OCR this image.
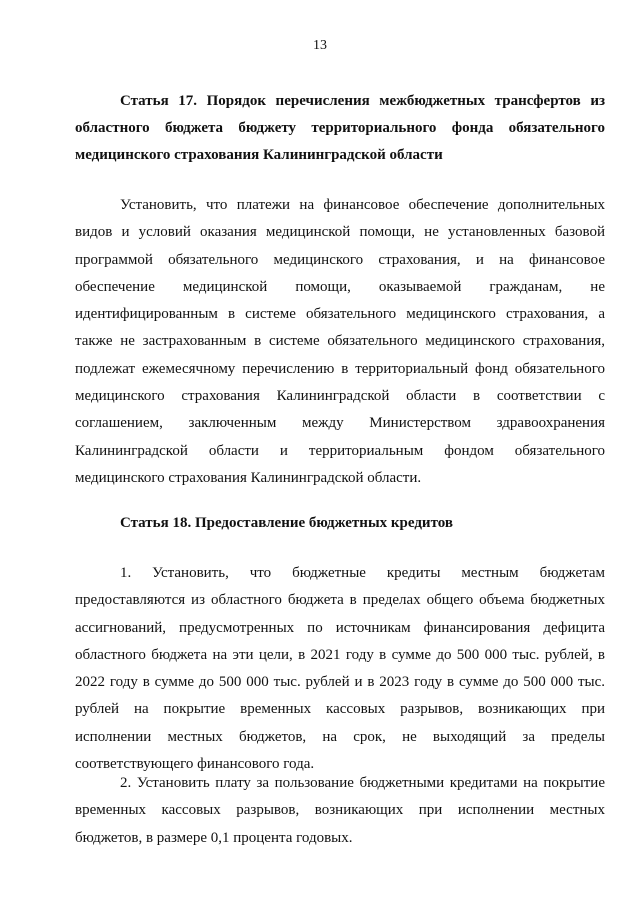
13
Статья 17. Порядок перечисления межбюджетных трансфертов из областного бюджета бюджету территориального фонда обязательного медицинского страхования Калининградской области
Установить, что платежи на финансовое обеспечение дополнительных видов и условий оказания медицинской помощи, не установленных базовой программой обязательного медицинского страхования, и на финансовое обеспечение медицинской помощи, оказываемой гражданам, не идентифицированным в системе обязательного медицинского страхования, а также не застрахованным в системе обязательного медицинского страхования, подлежат ежемесячному перечислению в территориальный фонд обязательного медицинского страхования Калининградской области в соответствии с соглашением, заключенным между Министерством здравоохранения Калининградской области и территориальным фондом обязательного медицинского страхования Калининградской области.
Статья 18. Предоставление бюджетных кредитов
1. Установить, что бюджетные кредиты местным бюджетам предоставляются из областного бюджета в пределах общего объема бюджетных ассигнований, предусмотренных по источникам финансирования дефицита областного бюджета на эти цели, в 2021 году в сумме до 500 000 тыс. рублей, в 2022 году в сумме до 500 000 тыс. рублей и в 2023 году в сумме до 500 000 тыс. рублей на покрытие временных кассовых разрывов, возникающих при исполнении местных бюджетов, на срок, не выходящий за пределы соответствующего финансового года.
2. Установить плату за пользование бюджетными кредитами на покрытие временных кассовых разрывов, возникающих при исполнении местных бюджетов, в размере 0,1 процента годовых.
